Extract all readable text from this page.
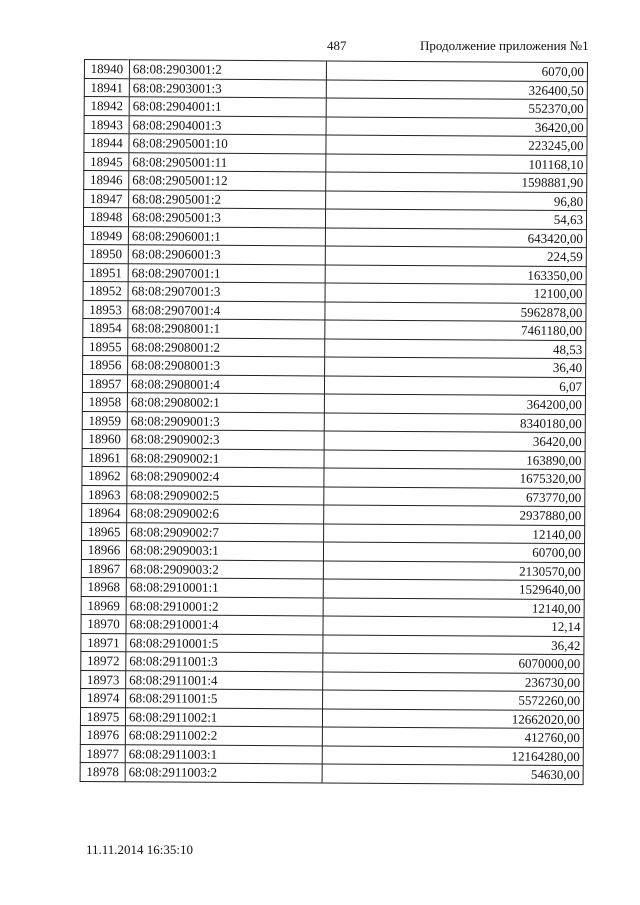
487	Продолжение приложения №1
18940	68:08:2903001:2	6070,00
18941	68:08:2903001:3	326400,50
18942	68:08:2904001:1	552370,00
18943	68:08:2904001:3	36420,00
18944	68:08:2905001:10	223245,00
18945	68:08:2905001:11	101168,10
18946	68:08:2905001:12	1598881,90
18947	68:08:2905001:2	96,80
18948	68:08:2905001:3	54,63
18949	68:08:2906001:1	643420,00
18950	68:08:2906001:3	224,59
18951	68:08:2907001:1	163350,00
18952	68:08:2907001:3	12100,00
18953	68:08:2907001:4	5962878,00
18954	68:08:2908001:1	7461180,00
18955	68:08:2908001:2	48,53
18956	68:08:2908001:3	36,40
18957	68:08:2908001:4	6,07
18958	68:08:2908002:1	364200,00
18959	68:08:2909001:3	8340180,00
18960	68:08:2909002:3	36420,00
18961	68:08:2909002:1	163890,00
18962	68:08:2909002:4	1675320,00
18963	68:08:2909002:5	673770,00
18964	68:08:2909002:6	2937880,00
18965	68:08:2909002:7	12140,00
18966	68:08:2909003:1	60700,00
18967	68:08:2909003:2	2130570,00
18968	68:08:2910001:1	1529640,00
18969	68:08:2910001:2	12140,00
18970	68:08:2910001:4	12,14
18971	68:08:2910001:5	36,42
18972	68:08:2911001:3	6070000,00
18973	68:08:2911001:4	236730,00
18974	68:08:2911001:5	5572260,00
18975	68:08:2911002:1	12662020,00
18976	68:08:2911002:2	412760,00
18977	68:08:2911003:1	12164280,00
18978	68:08:2911003:2	54630,00
11.11.2014 16:35:10
